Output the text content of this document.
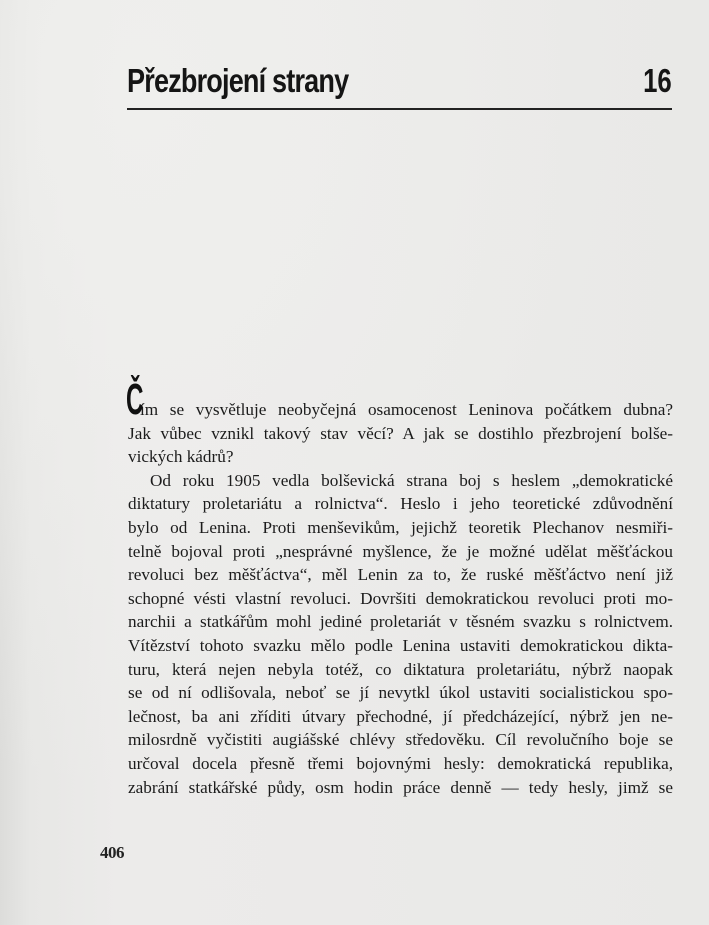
Přezbrojení strany	16
Č
ím se vysvětluje neobyčejná osamocenost Leninova počátkem dubna?
Jak vůbec vznikl takový stav věcí? A jak se dostihlo přezbrojení bolše-
vických kádrů?
Od roku 1905 vedla bolševická strana boj s heslem „demokratické
diktatury proletariátu a rolnictva“. Heslo i jeho teoretické zdůvodnění
bylo od Lenina. Proti menševikům, jejichž teoretik Plechanov nesmiři-
telně bojoval proti „nesprávné myšlence, že je možné udělat měšťáckou
revoluci bez měšťáctva“, měl Lenin za to, že ruské měšťáctvo není již
schopné vésti vlastní revoluci. Dovršiti demokratickou revoluci proti mo-
narchii a statkářům mohl jediné proletariát v těsném svazku s rolnictvem.
Vítězství tohoto svazku mělo podle Lenina ustaviti demokratickou dikta-
turu, která nejen nebyla totéž, co diktatura proletariátu, nýbrž naopak
se od ní odlišovala, neboť se jí nevytkl úkol ustaviti socialistickou spo-
lečnost, ba ani zříditi útvary přechodné, jí předcházející, nýbrž jen ne-
milosrdně vyčistiti augiášské chlévy středověku. Cíl revolučního boje se
určoval docela přesně třemi bojovnými hesly: demokratická republika,
zabrání statkářské půdy, osm hodin práce denně — tedy hesly, jimž se
406
